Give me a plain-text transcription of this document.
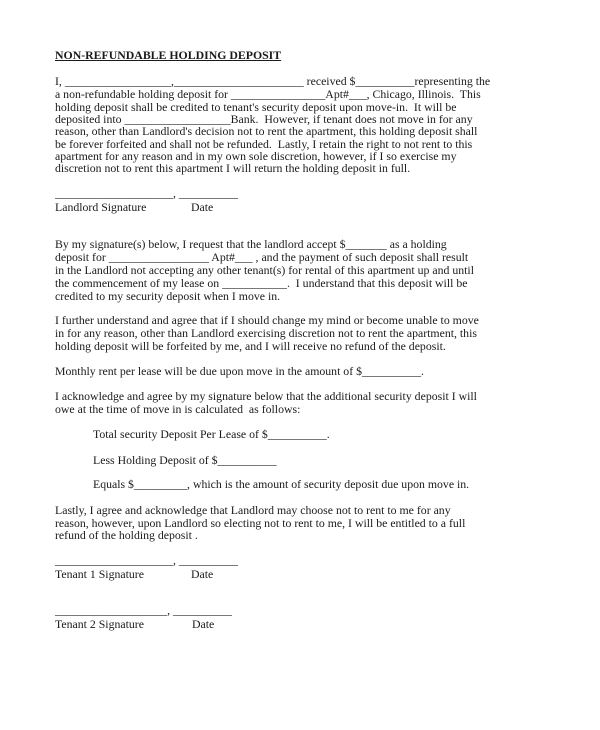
NON-REFUNDABLE HOLDING DEPOSIT
I, __________________,______________________ received $__________representing the
a non-refundable holding deposit for ________________Apt#___, Chicago, Illinois.  This
holding deposit shall be credited to tenant's security deposit upon move-in.  It will be
deposited into __________________Bank.  However, if tenant does not move in for any
reason, other than Landlord's decision not to rent the apartment, this holding deposit shall
be forever forfeited and shall not be refunded.  Lastly, I retain the right to not rent to this
apartment for any reason and in my own sole discretion, however, if I so exercise my
discretion not to rent this apartment I will return the holding deposit in full.
____________________, __________
Landlord Signature	Date
By my signature(s) below, I request that the landlord accept $_______ as a holding
deposit for _________________ Apt#___ , and the payment of such deposit shall result
in the Landlord not accepting any other tenant(s) for rental of this apartment up and until
the commencement of my lease on ___________.  I understand that this deposit will be
credited to my security deposit when I move in.
I further understand and agree that if I should change my mind or become unable to move
in for any reason, other than Landlord exercising discretion not to rent the apartment, this
holding deposit will be forfeited by me, and I will receive no refund of the deposit.
Monthly rent per lease will be due upon move in the amount of $__________.
I acknowledge and agree by my signature below that the additional security deposit I will
owe at the time of move in is calculated  as follows:
Total security Deposit Per Lease of $__________.
Less Holding Deposit of $__________
Equals $_________, which is the amount of security deposit due upon move in.
Lastly, I agree and acknowledge that Landlord may choose not to rent to me for any
reason, however, upon Landlord so electing not to rent to me, I will be entitled to a full
refund of the holding deposit .
____________________, __________
Tenant 1 Signature	Date
___________________, __________
Tenant 2 Signature	Date
